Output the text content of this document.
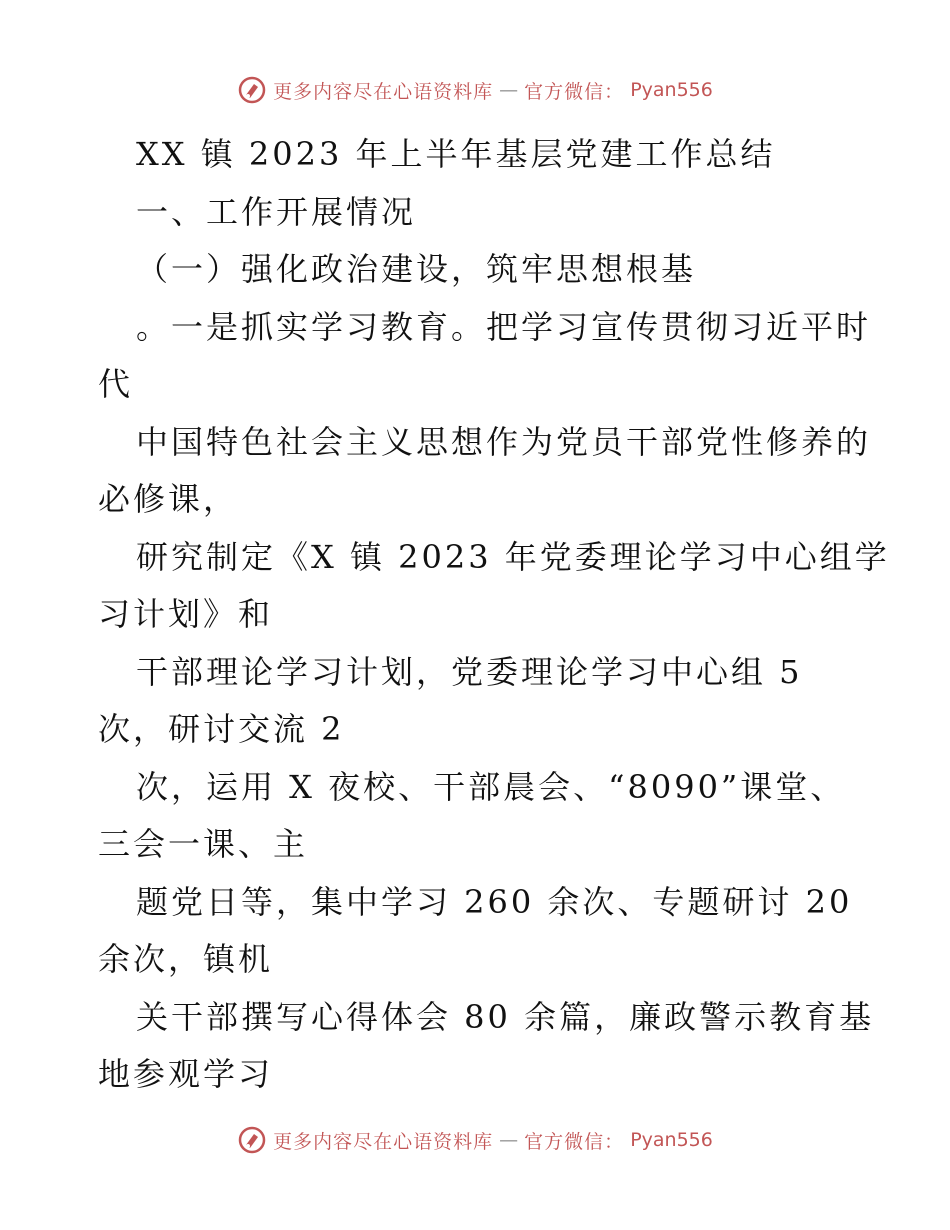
更多内容尽在心语资料库 — 官方微信： Pyan556
XX 镇 2023 年上半年基层党建工作总结
一、工作开展情况
（一）强化政治建设，筑牢思想根基
。一是抓实学习教育。把学习宣传贯彻习近平时
代
中国特色社会主义思想作为党员干部党性修养的
必修课，
研究制定《X 镇 2023 年党委理论学习中心组学
习计划》和
干部理论学习计划，党委理论学习中心组 5
次，研讨交流 2
次，运用 X 夜校、干部晨会、“8090”课堂、
三会一课、主
题党日等，集中学习 260 余次、专题研讨 20
余次，镇机
关干部撰写心得体会 80 余篇，廉政警示教育基
地参观学习
更多内容尽在心语资料库 — 官方微信： Pyan556
